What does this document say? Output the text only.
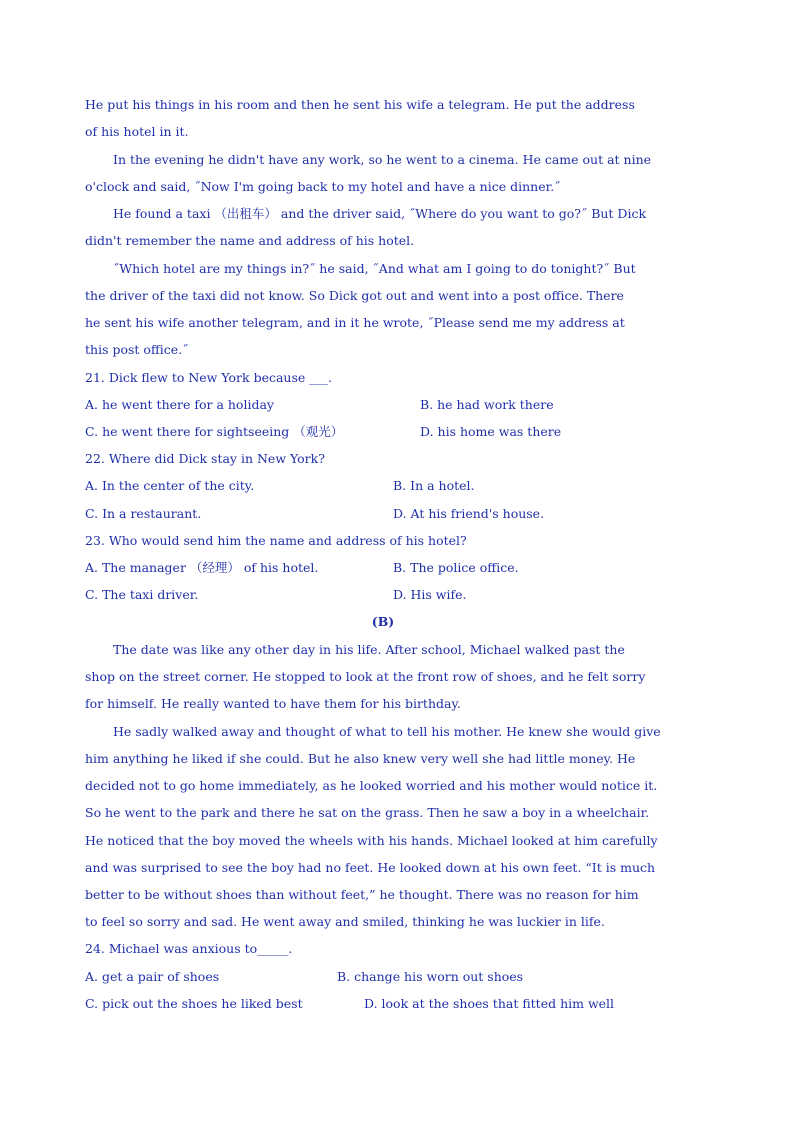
He put his things in his room and then he sent his wife a telegram. He put the address
of his hotel in it.
In the evening he didn't have any work, so he went to a cinema. He came out at nine
o'clock and said, ˝Now I'm going back to my hotel and have a nice dinner.˝
He found a taxi （出租车） and the driver said, ˝Where do you want to go?˝ But Dick
didn't remember the name and address of his hotel.
˝Which hotel are my things in?˝ he said, ˝And what am I going to do tonight?˝ But
the driver of the taxi did not know. So Dick got out and went into a post office. There
he sent his wife another telegram, and in it he wrote, ˝Please send me my address at
this post office.˝
21. Dick flew to New York because ___.
A. he went there for a holiday	B. he had work there
C. he went there for sightseeing （观光）	D. his home was there
22. Where did Dick stay in New York?
A. In the center of the city.	B. In a hotel.
C. In a restaurant.	D. At his friend's house.
23. Who would send him the name and address of his hotel?
A. The manager （经理） of his hotel.	B. The police office.
C. The taxi driver.	D. His wife.
(B)
The date was like any other day in his life. After school, Michael walked past the
shop on the street corner. He stopped to look at the front row of shoes, and he felt sorry
for himself. He really wanted to have them for his birthday.
He sadly walked away and thought of what to tell his mother. He knew she would give
him anything he liked if she could. But he also knew very well she had little money. He
decided not to go home immediately, as he looked worried and his mother would notice it.
So he went to the park and there he sat on the grass. Then he saw a boy in a wheelchair.
He noticed that the boy moved the wheels with his hands. Michael looked at him carefully
and was surprised to see the boy had no feet. He looked down at his own feet. “It is much
better to be without shoes than without feet,” he thought. There was no reason for him
to feel so sorry and sad. He went away and smiled, thinking he was luckier in life.
24. Michael was anxious to_____.
A. get a pair of shoes	B. change his worn out shoes
C. pick out the shoes he liked best	D. look at the shoes that fitted him well
